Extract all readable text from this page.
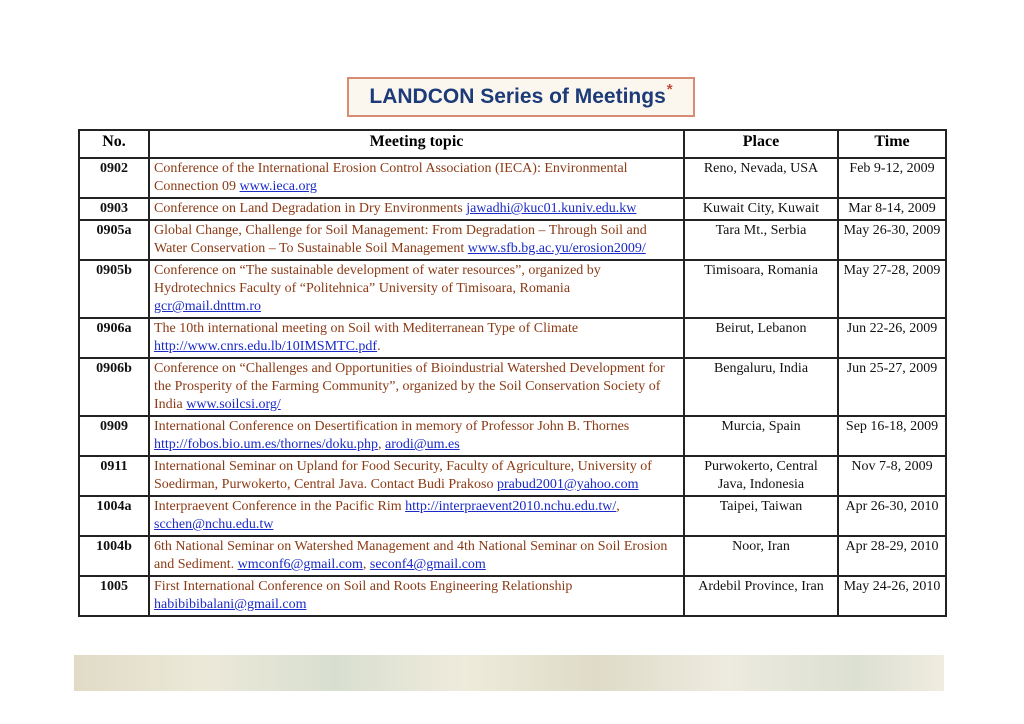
LANDCON Series of Meetings *
No.	Meeting topic	Place	Time
0902	Conference of the International Erosion Control Association (IECA): Environmental Connection 09 www.ieca.org	Reno, Nevada, USA	Feb 9-12, 2009
0903	Conference on Land Degradation in Dry Environments jawadhi@kuc01.kuniv.edu.kw	Kuwait City, Kuwait	Mar 8-14, 2009
0905a	Global Change, Challenge for Soil Management: From Degradation – Through Soil and Water Conservation – To Sustainable Soil Management www.sfb.bg.ac.yu/erosion2009/	Tara Mt., Serbia	May 26-30, 2009
0905b	Conference on “The sustainable development of water resources”, organized by Hydrotechnics Faculty of “Politehnica” University of Timisoara, Romania gcr@mail.dnttm.ro	Timisoara, Romania	May 27-28, 2009
0906a	The 10th international meeting on Soil with Mediterranean Type of Climate http://www.cnrs.edu.lb/10IMSMTC.pdf.	Beirut, Lebanon	Jun 22-26, 2009
0906b	Conference on “Challenges and Opportunities of Bioindustrial Watershed Development for the Prosperity of the Farming Community”, organized by the Soil Conservation Society of India www.soilcsi.org/	Bengaluru, India	Jun 25-27, 2009
0909	International Conference on Desertification in memory of Professor John B. Thornes http://fobos.bio.um.es/thornes/doku.php, arodi@um.es	Murcia, Spain	Sep 16-18, 2009
0911	International Seminar on Upland for Food Security, Faculty of Agriculture, University of Soedirman, Purwokerto, Central Java. Contact Budi Prakoso prabud2001@yahoo.com	Purwokerto, Central Java, Indonesia	Nov 7-8, 2009
1004a	Interpraevent Conference in the Pacific Rim http://interpraevent2010.nchu.edu.tw/, scchen@nchu.edu.tw	Taipei, Taiwan	Apr 26-30, 2010
1004b	6th National Seminar on Watershed Management and 4th National Seminar on Soil Erosion and Sediment. wmconf6@gmail.com, seconf4@gmail.com	Noor, Iran	Apr 28-29, 2010
1005	First International Conference on Soil and Roots Engineering Relationship habibibibalani@gmail.com	Ardebil Province, Iran	May 24-26, 2010
